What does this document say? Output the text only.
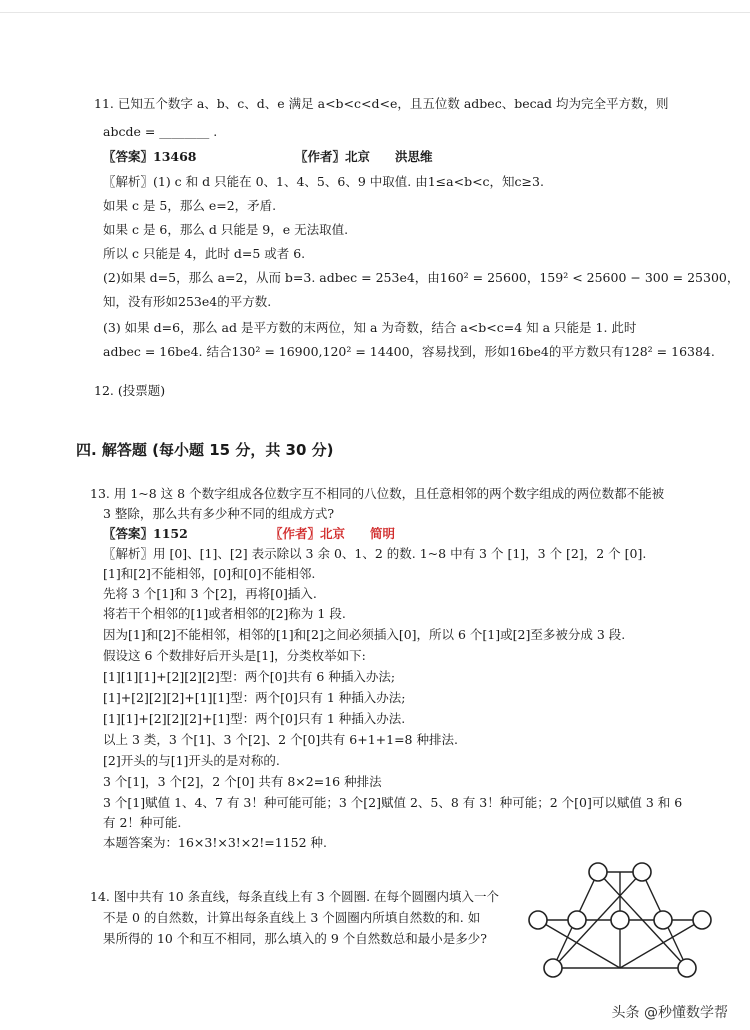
11. 已知五个数字 a、b、c、d、e 满足 a<b<c<d<e，且五位数 adbec、becad 均为完全平方数，则
abcde = ________ .
〖答案〗13468	〖作者〗北京　　洪思维
〖解析〗(1) c 和 d 只能在 0、1、4、5、6、9 中取值. 由1≤a<b<c，知c≥3.
如果 c 是 5，那么 e=2，矛盾.
如果 c 是 6，那么 d 只能是 9，e 无法取值.
所以 c 只能是 4，此时 d=5 或者 6.
(2)如果 d=5，那么 a=2，从而 b=3. adbec = 253e4，由160² = 25600，159² < 25600 − 300 = 25300，
知，没有形如253e4的平方数.
(3) 如果 d=6，那么 ad 是平方数的末两位，知 a 为奇数，结合 a<b<c=4 知 a 只能是 1. 此时
adbec = 16be4. 结合130² = 16900,120² = 14400，容易找到，形如16be4的平方数只有128² = 16384.
12. (投票题)
四. 解答题 (每小题 15 分，共 30 分)
13. 用 1~8 这 8 个数字组成各位数字互不相同的八位数，且任意相邻的两个数字组成的两位数都不能被
3 整除，那么共有多少种不同的组成方式?
〖答案〗1152	〖作者〗北京　　简明
〖解析〗用 [0]、[1]、[2] 表示除以 3 余 0、1、2 的数. 1~8 中有 3 个 [1]，3 个 [2]，2 个 [0].
[1]和[2]不能相邻，[0]和[0]不能相邻.
先将 3 个[1]和 3 个[2]，再将[0]插入.
将若干个相邻的[1]或者相邻的[2]称为 1 段.
因为[1]和[2]不能相邻，相邻的[1]和[2]之间必须插入[0]，所以 6 个[1]或[2]至多被分成 3 段.
假设这 6 个数排好后开头是[1]，分类枚举如下:
[1][1][1]+[2][2][2]型：两个[0]共有 6 种插入办法;
[1]+[2][2][2]+[1][1]型：两个[0]只有 1 种插入办法;
[1][1]+[2][2][2]+[1]型：两个[0]只有 1 种插入办法.
以上 3 类，3 个[1]、3 个[2]、2 个[0]共有 6+1+1=8 种排法.
[2]开头的与[1]开头的是对称的.
3 个[1]，3 个[2]，2 个[0] 共有 8×2=16 种排法
3 个[1]赋值 1、4、7 有 3！种可能可能；3 个[2]赋值 2、5、8 有 3！种可能；2 个[0]可以赋值 3 和 6
有 2！种可能.
本题答案为：16×3!×3!×2!=1152 种.
14. 图中共有 10 条直线，每条直线上有 3 个圆圈. 在每个圆圈内填入一个
不是 0 的自然数，计算出每条直线上 3 个圆圈内所填自然数的和. 如
果所得的 10 个和互不相同，那么填入的 9 个自然数总和最小是多少?
头条 @秒懂数学帮
